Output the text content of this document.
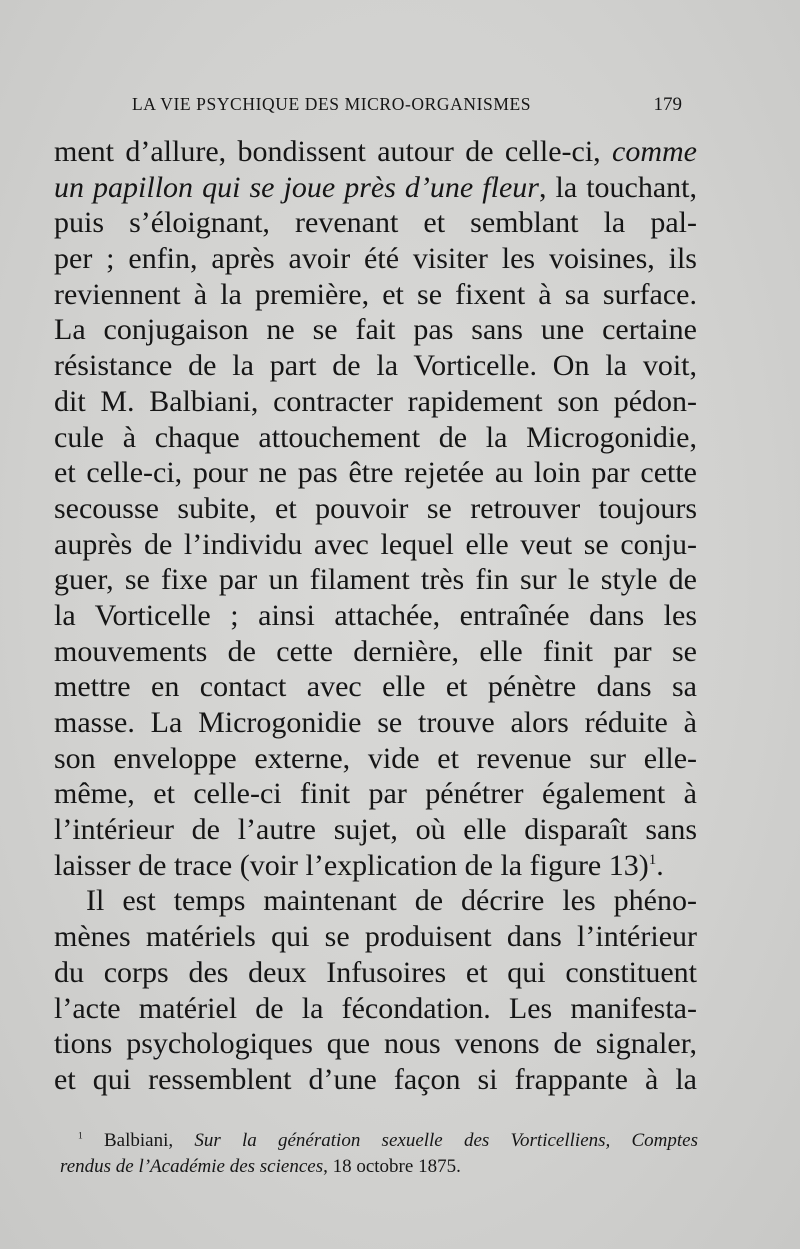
LA VIE PSYCHIQUE DES MICRO-ORGANISMES	179
ment d’allure, bondissent autour de celle-ci, comme
un papillon qui se joue près d’une fleur, la touchant,
puis s’éloignant, revenant et semblant la pal-
per ; enfin, après avoir été visiter les voisines, ils
reviennent à la première, et se fixent à sa surface.
La conjugaison ne se fait pas sans une certaine
résistance de la part de la Vorticelle. On la voit,
dit M. Balbiani, contracter rapidement son pédon-
cule à chaque attouchement de la Microgonidie,
et celle-ci, pour ne pas être rejetée au loin par cette
secousse subite, et pouvoir se retrouver toujours
auprès de l’individu avec lequel elle veut se conju-
guer, se fixe par un filament très fin sur le style de
la Vorticelle ; ainsi attachée, entraînée dans les
mouvements de cette dernière, elle finit par se
mettre en contact avec elle et pénètre dans sa
masse. La Microgonidie se trouve alors réduite à
son enveloppe externe, vide et revenue sur elle-
même, et celle-ci finit par pénétrer également à
l’intérieur de l’autre sujet, où elle disparaît sans
laisser de trace (voir l’explication de la figure 13)$^1$.
Il est temps maintenant de décrire les phéno-
mènes matériels qui se produisent dans l’intérieur
du corps des deux Infusoires et qui constituent
l’acte matériel de la fécondation. Les manifesta-
tions psychologiques que nous venons de signaler,
et qui ressemblent d’une façon si frappante à la
$^1$ Balbiani, Sur la génération sexuelle des Vorticelliens, Comptes
rendus de l’Académie des sciences, 18 octobre 1875.
